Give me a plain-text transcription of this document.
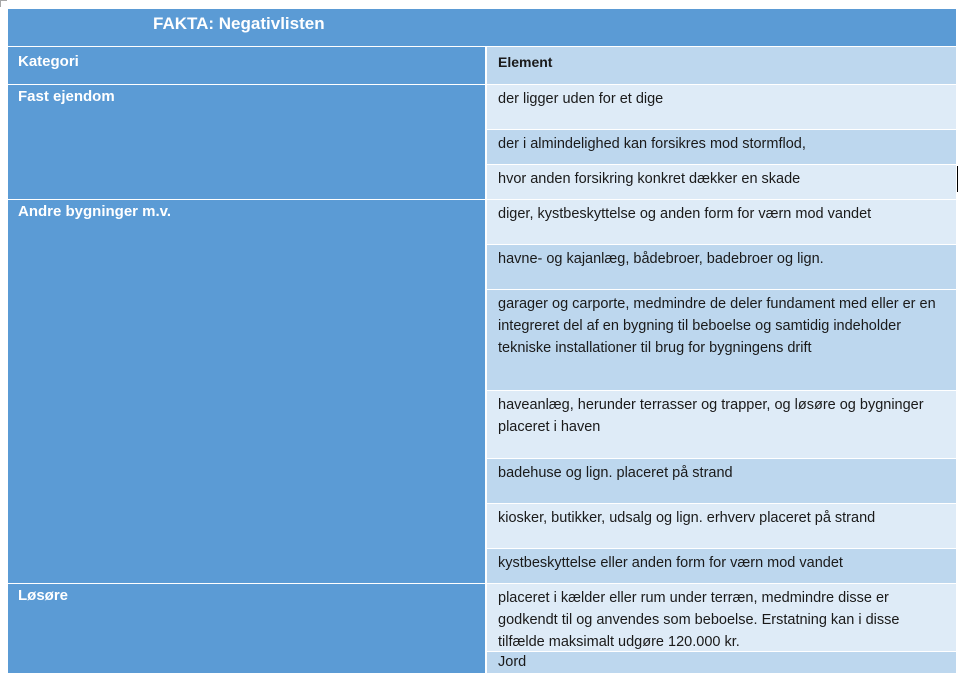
FAKTA: Negativlisten
Kategori	Element
Fast ejendom	der ligger uden for et dige
der i almindelighed kan forsikres mod stormflod,
hvor anden forsikring konkret dækker en skade
Andre bygninger m.v.	diger, kystbeskyttelse og anden form for værn mod vandet
havne- og kajanlæg, bådebroer, badebroer og lign.
garager og carporte, medmindre de deler fundament med eller er en integreret del af en bygning til beboelse og samtidig indeholder tekniske installationer til brug for bygningens drift
haveanlæg, herunder terrasser og trapper, og løsøre og bygninger placeret i haven
badehuse og lign. placeret på strand
kiosker, butikker, udsalg og lign. erhverv placeret på strand
kystbeskyttelse eller anden form for værn mod vandet
Løsøre	placeret i kælder eller rum under terræn, medmindre disse er godkendt til og anvendes som beboelse. Erstatning kan i disse tilfælde maksimalt udgøre 120.000 kr.
Jord
